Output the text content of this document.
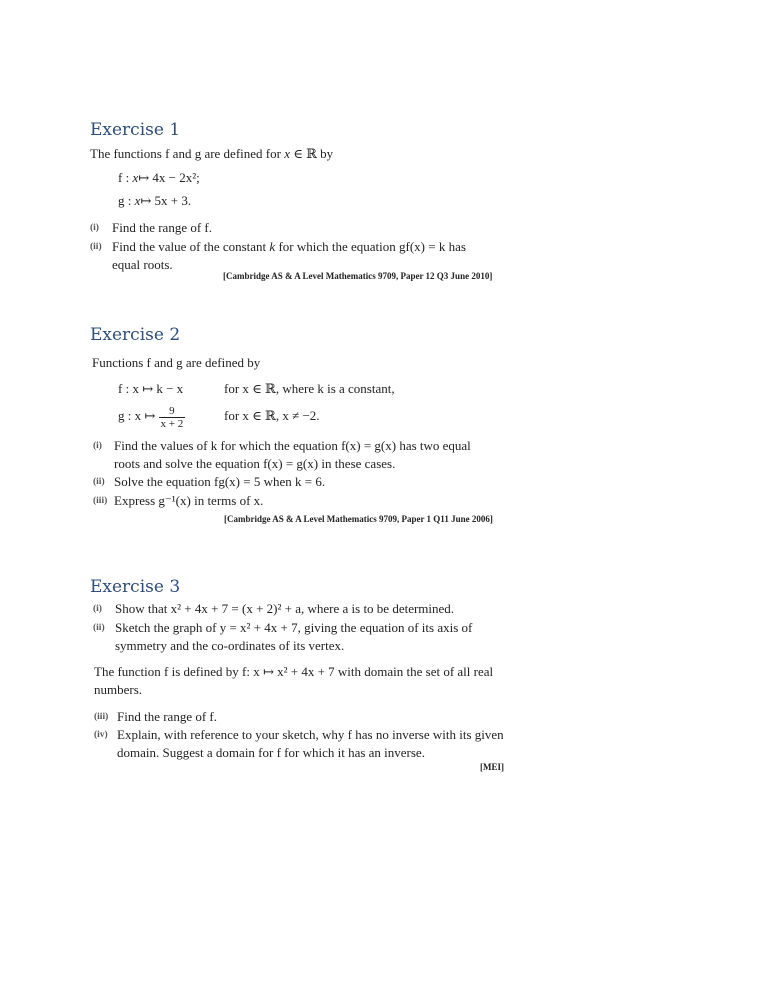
Exercise 1
The functions f and g are defined for x ∈ ℝ by
f : x↦ 4x − 2x²;
g : x↦ 5x + 3.
(i) Find the range of f.
(ii) Find the value of the constant k for which the equation gf(x) = k has
equal roots.
[Cambridge AS & A Level Mathematics 9709, Paper 12 Q3 June 2010]
Exercise 2
Functions f and g are defined by
f : x ↦ k − x	for x ∈ ℝ, where k is a constant,
g : x ↦ $\frac{9}{x + 2}$	for x ∈ ℝ, x ≠ −2.
(i) Find the values of k for which the equation f(x) = g(x) has two equal
roots and solve the equation f(x) = g(x) in these cases.
(ii) Solve the equation fg(x) = 5 when k = 6.
(iii) Express g⁻¹(x) in terms of x.
[Cambridge AS & A Level Mathematics 9709, Paper 1 Q11 June 2006]
Exercise 3
(i) Show that x² + 4x + 7 = (x + 2)² + a, where a is to be determined.
(ii) Sketch the graph of y = x² + 4x + 7, giving the equation of its axis of
symmetry and the co-ordinates of its vertex.
The function f is defined by f: x ↦ x² + 4x + 7 with domain the set of all real
numbers.
(iii) Find the range of f.
(iv) Explain, with reference to your sketch, why f has no inverse with its given
domain. Suggest a domain for f for which it has an inverse.
[MEI]
